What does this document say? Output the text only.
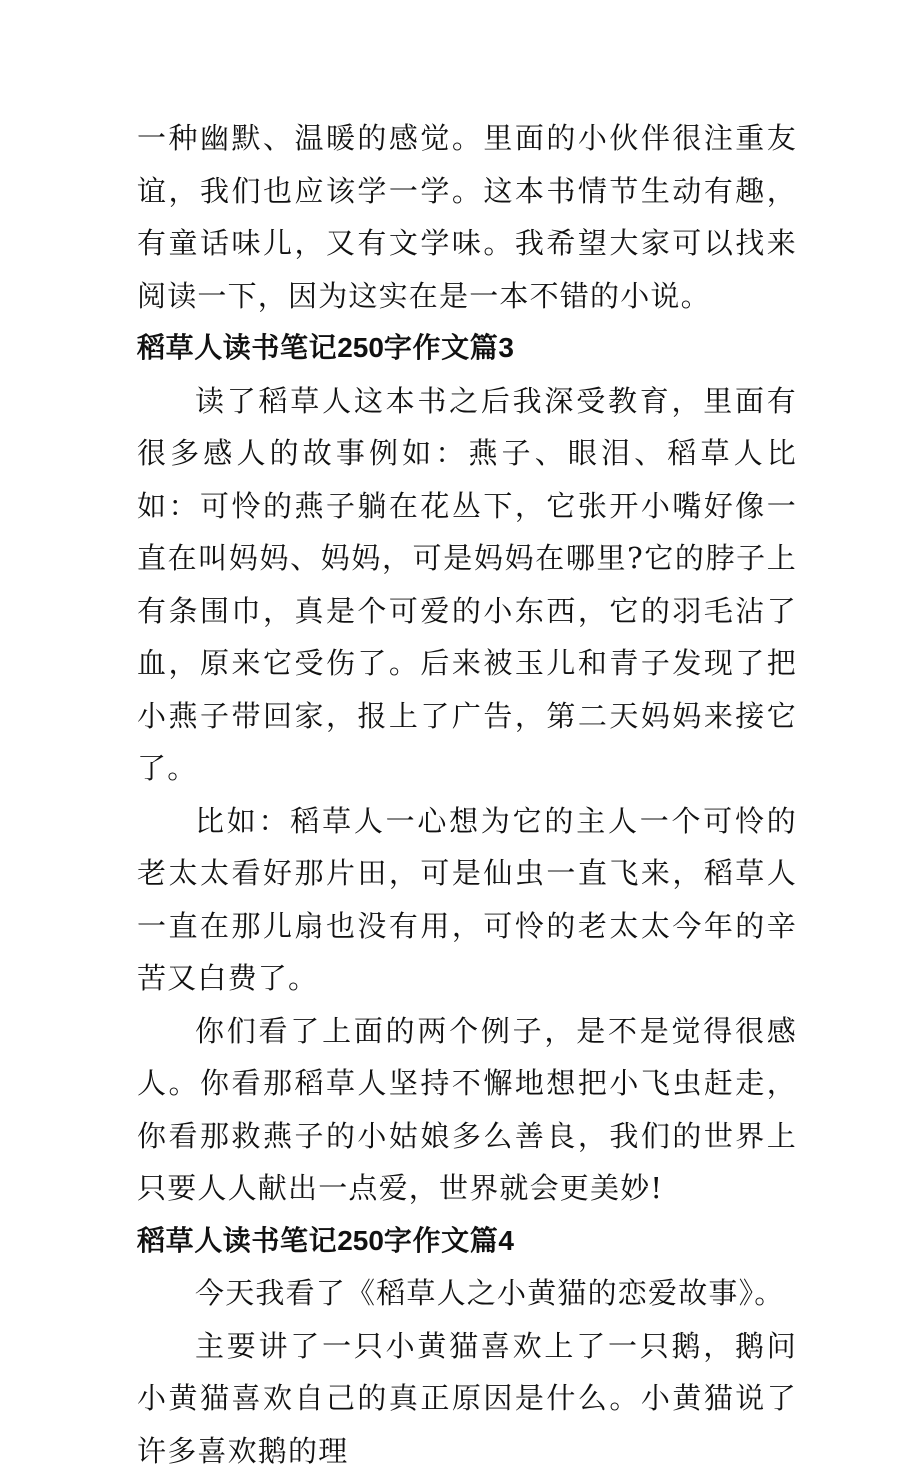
一种幽默、温暖的感觉。里面的小伙伴很注重友谊，我们也应该学一学。这本书情节生动有趣，有童话味儿，又有文学味。我希望大家可以找来阅读一下，因为这实在是一本不错的小说。

稻草人读书笔记250字作文篇3

读了稻草人这本书之后我深受教育，里面有很多感人的故事例如：燕子、眼泪、稻草人比如：可怜的燕子躺在花丛下，它张开小嘴好像一直在叫妈妈、妈妈，可是妈妈在哪里?它的脖子上有条围巾，真是个可爱的小东西，它的羽毛沾了血，原来它受伤了。后来被玉儿和青子发现了把小燕子带回家，报上了广告，第二天妈妈来接它了。

比如：稻草人一心想为它的主人一个可怜的老太太看好那片田，可是仙虫一直飞来，稻草人一直在那儿扇也没有用，可怜的老太太今年的辛苦又白费了。

你们看了上面的两个例子，是不是觉得很感人。你看那稻草人坚持不懈地想把小飞虫赶走，你看那救燕子的小姑娘多么善良，我们的世界上只要人人献出一点爱，世界就会更美妙!

稻草人读书笔记250字作文篇4

今天我看了《稻草人之小黄猫的恋爱故事》。

主要讲了一只小黄猫喜欢上了一只鹅，鹅问小黄猫喜欢自己的真正原因是什么。小黄猫说了许多喜欢鹅的理
